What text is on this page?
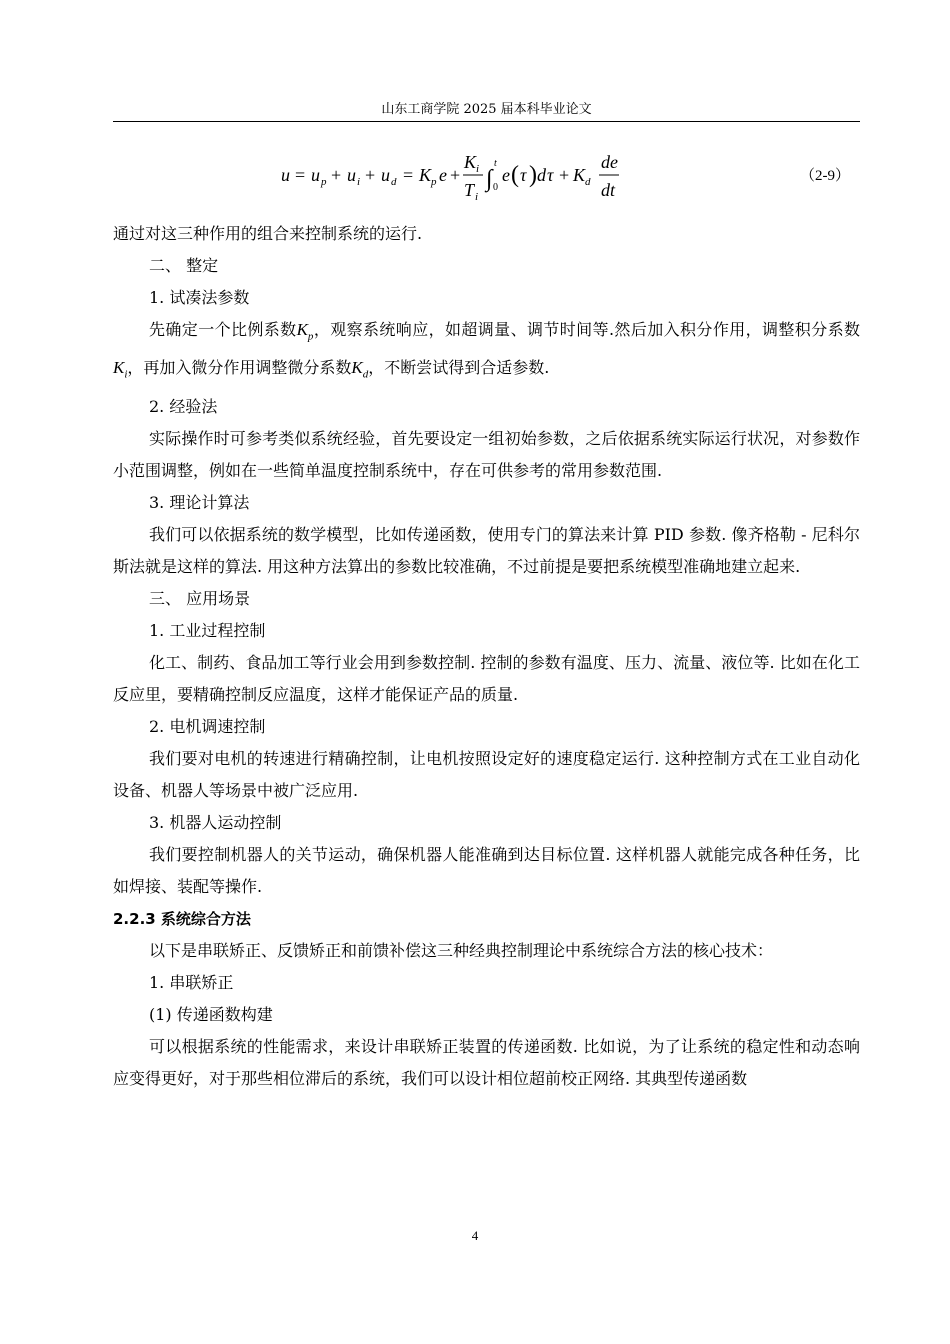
山东工商学院 2025 届本科毕业论文
u = u p + u i + u d = K p e +
K i
T i
∫
t
0
e ( τ ) d τ + K d
de
dt
（2-9）
通过对这三种作用的组合来控制系统的运行.
二、 整定
1. 试凑法参数

先确定一个比例系数$K_p$，观察系统响应，如超调量、调节时间等.然后加入积分作用，调整积分系数$K_i$，再加入微分作用调整微分系数$K_d$，不断尝试得到合适参数.

2. 经验法

实际操作时可参考类似系统经验，首先要设定一组初始参数，之后依据系统实际运行状况，对参数作小范围调整，例如在一些简单温度控制系统中，存在可供参考的常用参数范围.

3. 理论计算法

我们可以依据系统的数学模型，比如传递函数，使用专门的算法来计算 PID 参数. 像齐格勒 - 尼科尔斯法就是这样的算法. 用这种方法算出的参数比较准确，不过前提是要把系统模型准确地建立起来.

三、 应用场景
1. 工业过程控制

化工、制药、食品加工等行业会用到参数控制. 控制的参数有温度、压力、流量、液位等. 比如在化工反应里，要精确控制反应温度，这样才能保证产品的质量.

2. 电机调速控制

我们要对电机的转速进行精确控制，让电机按照设定好的速度稳定运行. 这种控制方式在工业自动化设备、机器人等场景中被广泛应用.

3. 机器人运动控制

我们要控制机器人的关节运动，确保机器人能准确到达目标位置. 这样机器人就能完成各种任务，比如焊接、装配等操作.

2.2.3 系统综合方法

以下是串联矫正、反馈矫正和前馈补偿这三种经典控制理论中系统综合方法的核心技术：

1. 串联矫正
(1) 传递函数构建

可以根据系统的性能需求，来设计串联矫正装置的传递函数. 比如说，为了让系统的稳定性和动态响应变得更好，对于那些相位滞后的系统，我们可以设计相位超前校正网络. 其典型传递函数

4
